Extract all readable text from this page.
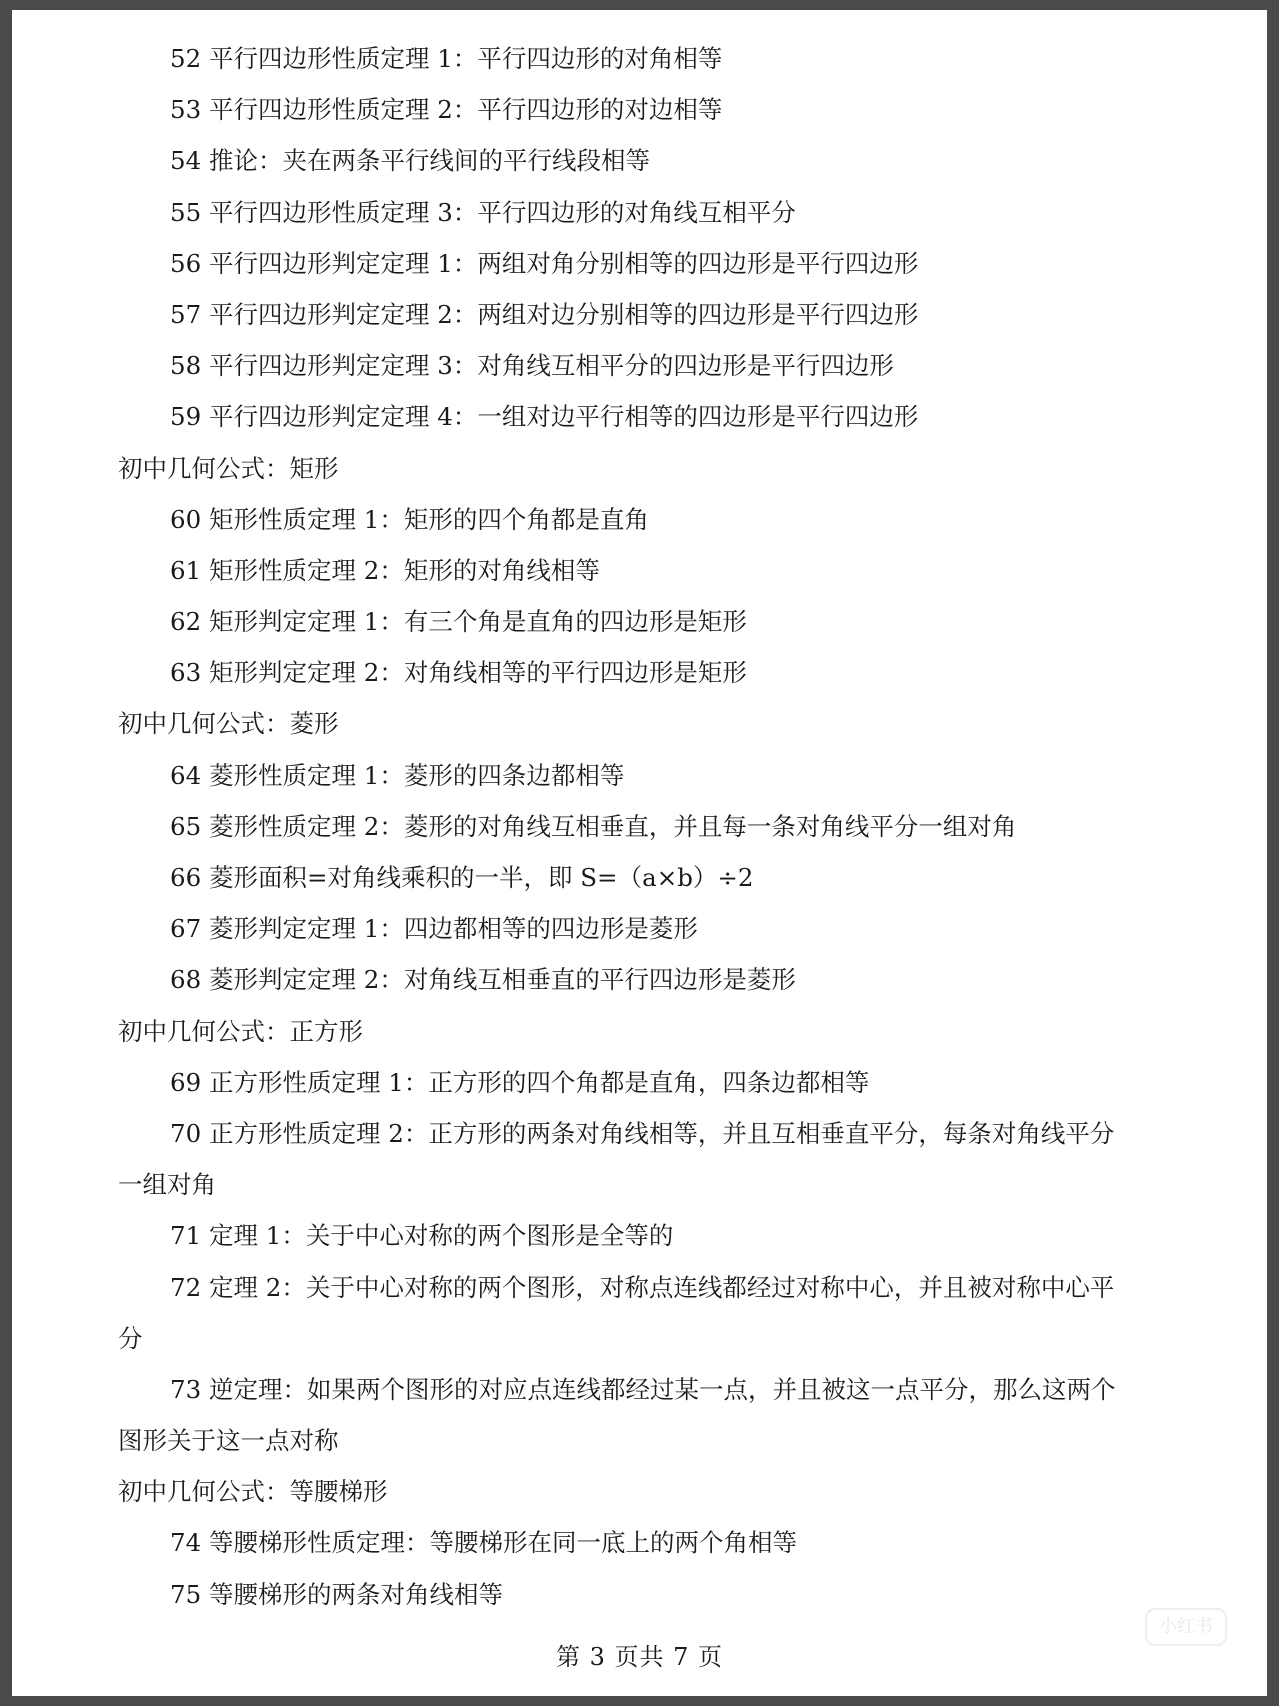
52 平行四边形性质定理 1：平行四边形的对角相等
53 平行四边形性质定理 2：平行四边形的对边相等
54 推论：夹在两条平行线间的平行线段相等
55 平行四边形性质定理 3：平行四边形的对角线互相平分
56 平行四边形判定定理 1：两组对角分别相等的四边形是平行四边形
57 平行四边形判定定理 2：两组对边分别相等的四边形是平行四边形
58 平行四边形判定定理 3：对角线互相平分的四边形是平行四边形
59 平行四边形判定定理 4：一组对边平行相等的四边形是平行四边形
初中几何公式：矩形
60 矩形性质定理 1：矩形的四个角都是直角
61 矩形性质定理 2：矩形的对角线相等
62 矩形判定定理 1：有三个角是直角的四边形是矩形
63 矩形判定定理 2：对角线相等的平行四边形是矩形
初中几何公式：菱形
64 菱形性质定理 1：菱形的四条边都相等
65 菱形性质定理 2：菱形的对角线互相垂直，并且每一条对角线平分一组对角
66 菱形面积=对角线乘积的一半，即 S=（a×b）÷2
67 菱形判定定理 1：四边都相等的四边形是菱形
68 菱形判定定理 2：对角线互相垂直的平行四边形是菱形
初中几何公式：正方形
69 正方形性质定理 1：正方形的四个角都是直角，四条边都相等
70 正方形性质定理 2：正方形的两条对角线相等，并且互相垂直平分，每条对角线平分
一组对角
71 定理 1：关于中心对称的两个图形是全等的
72 定理 2：关于中心对称的两个图形，对称点连线都经过对称中心，并且被对称中心平
分
73 逆定理：如果两个图形的对应点连线都经过某一点，并且被这一点平分，那么这两个
图形关于这一点对称
初中几何公式：等腰梯形
74 等腰梯形性质定理：等腰梯形在同一底上的两个角相等
75 等腰梯形的两条对角线相等
第 3 页共 7 页
小红书
